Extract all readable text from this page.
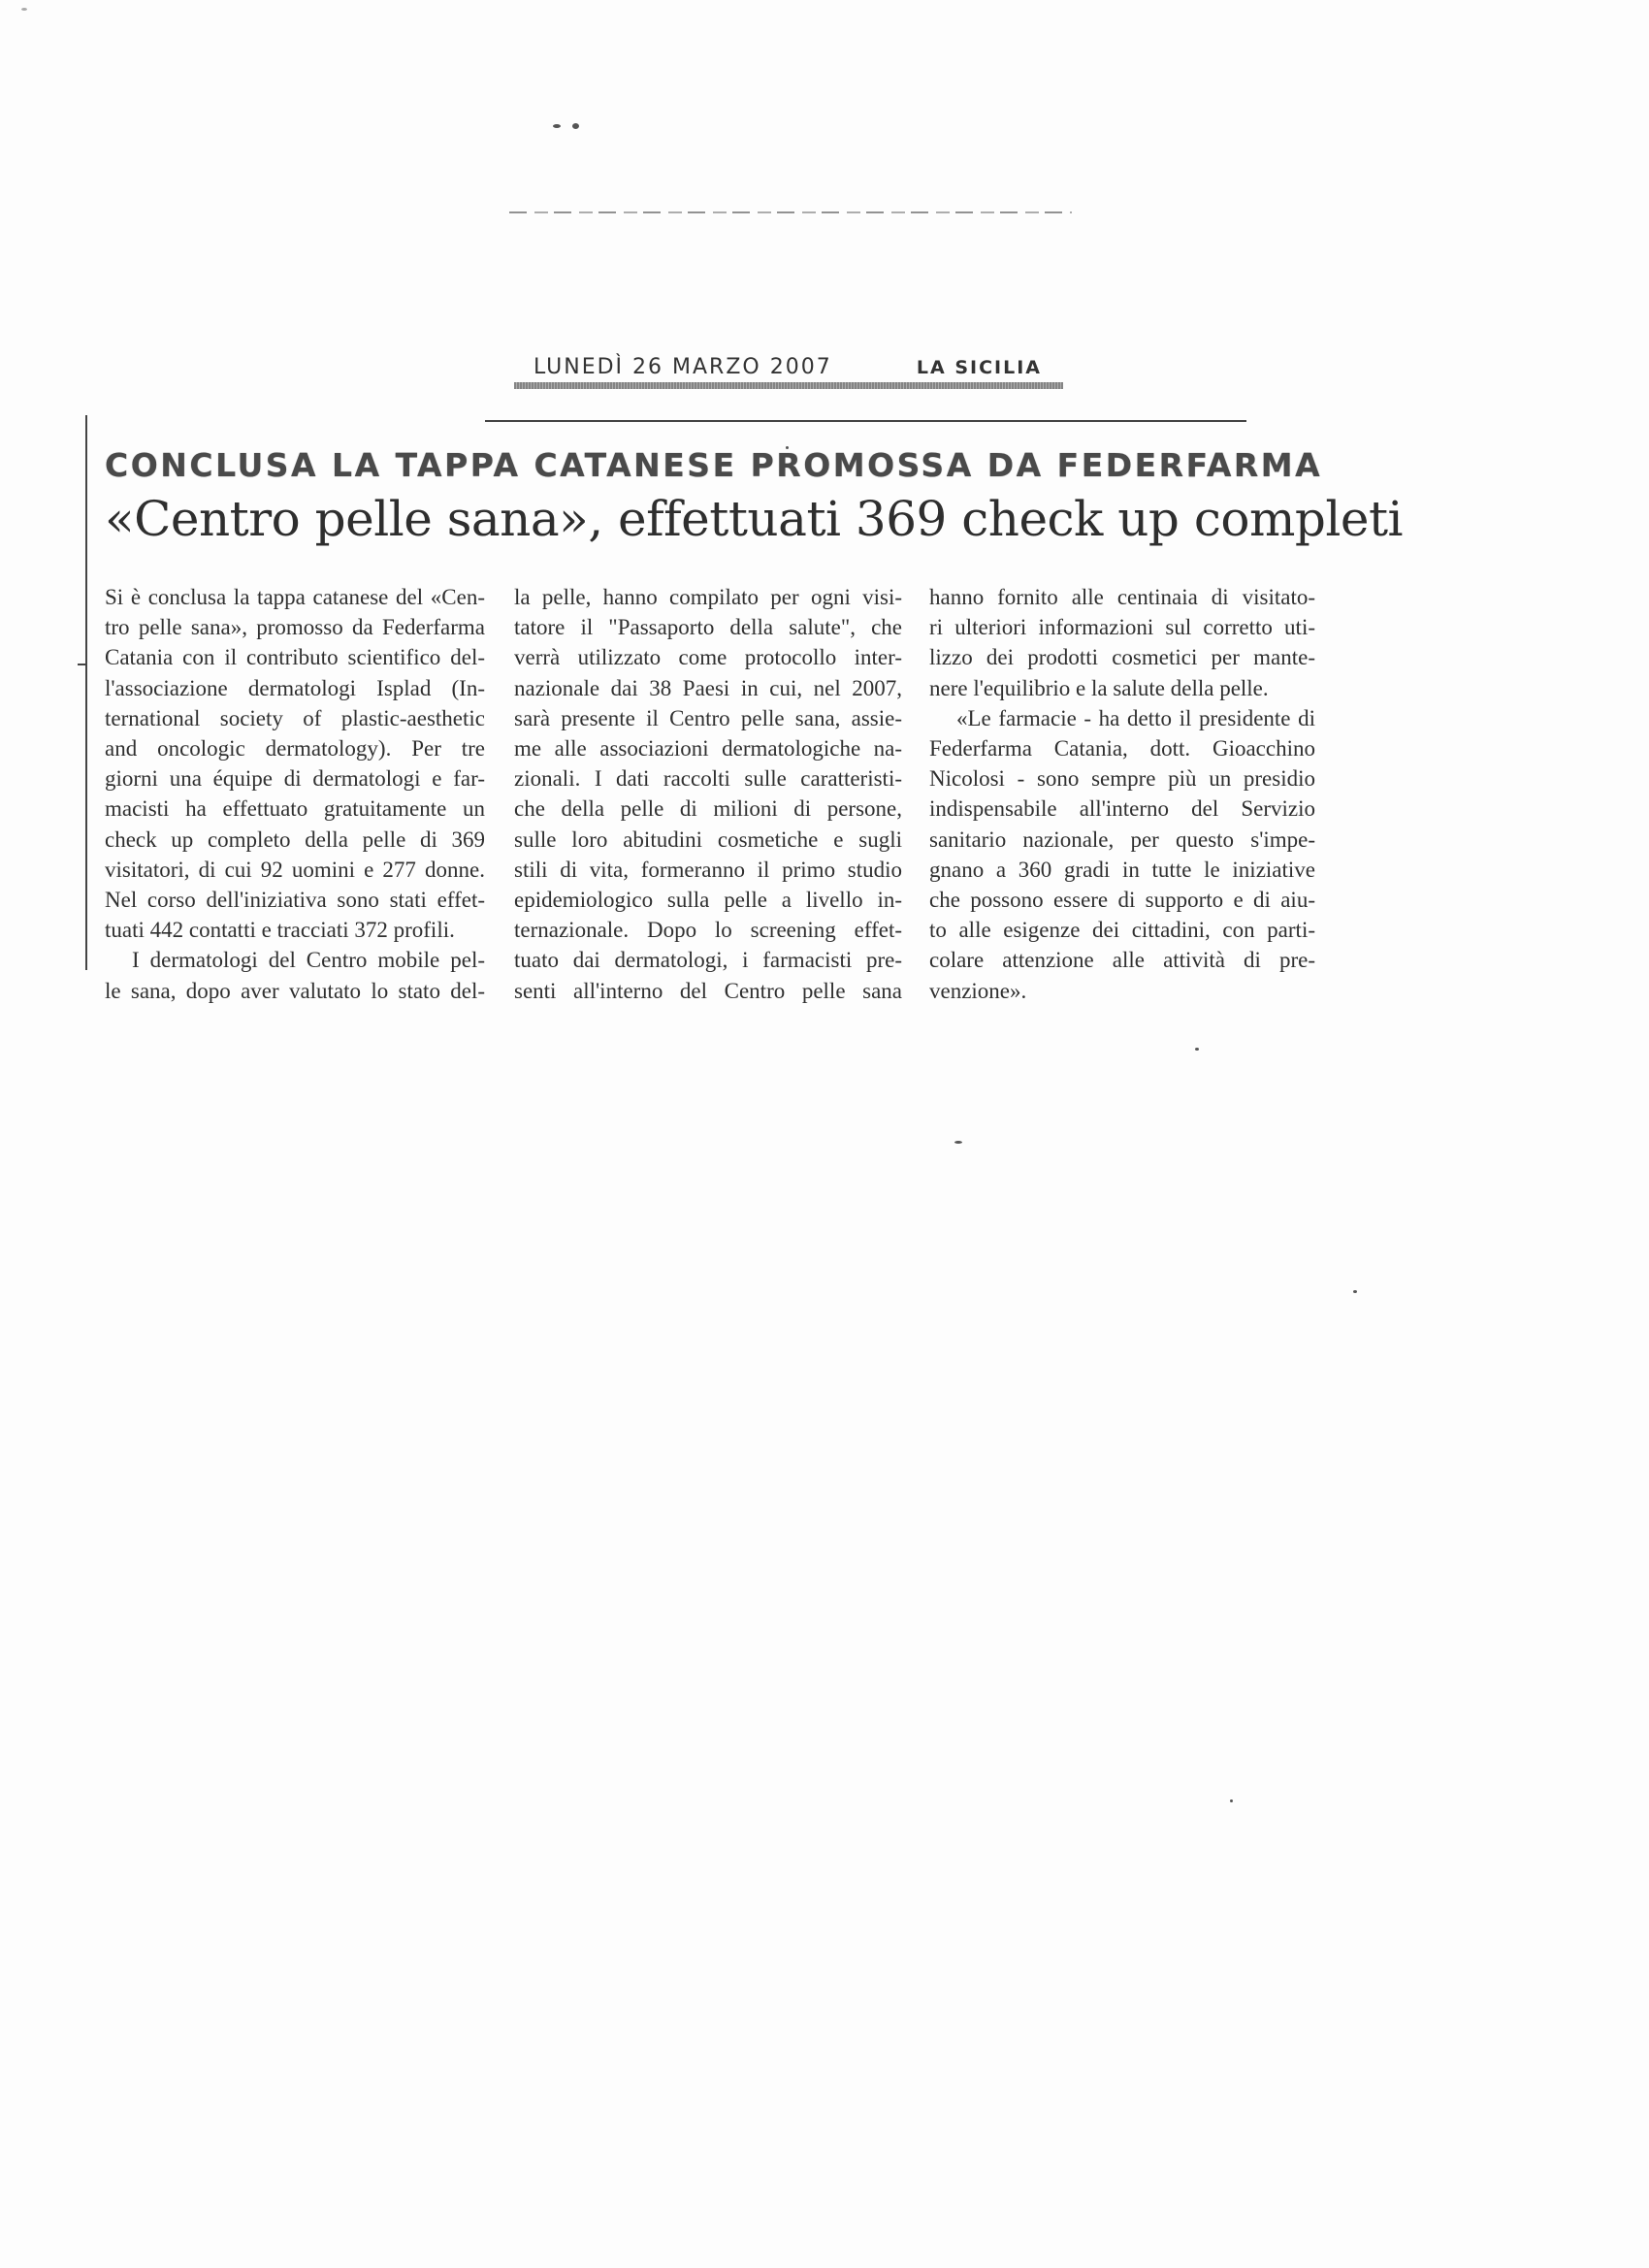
LUNEDÌ 26 MARZO 2007	LA SICILIA
CONCLUSA LA TAPPA CATANESE PROMOSSA DA FEDERFARMA
«Centro pelle sana», effettuati 369 check up completi
Si è conclusa la tappa catanese del «Cen-
tro pelle sana», promosso da Federfarma
Catania con il contributo scientifico del-
l'associazione dermatologi Isplad (In-
ternational society of plastic-aesthetic
and oncologic dermatology). Per tre
giorni una équipe di dermatologi e far-
macisti ha effettuato gratuitamente un
check up completo della pelle di 369
visitatori, di cui 92 uomini e 277 donne.
Nel corso dell'iniziativa sono stati effet-
tuati 442 contatti e tracciati 372 profili.
I dermatologi del Centro mobile pel-
le sana, dopo aver valutato lo stato del-
la pelle, hanno compilato per ogni visi-
tatore il "Passaporto della salute", che
verrà utilizzato come protocollo inter-
nazionale dai 38 Paesi in cui, nel 2007,
sarà presente il Centro pelle sana, assie-
me alle associazioni dermatologiche na-
zionali. I dati raccolti sulle caratteristi-
che della pelle di milioni di persone,
sulle loro abitudini cosmetiche e sugli
stili di vita, formeranno il primo studio
epidemiologico sulla pelle a livello in-
ternazionale. Dopo lo screening effet-
tuato dai dermatologi, i farmacisti pre-
senti all'interno del Centro pelle sana
hanno fornito alle centinaia di visitato-
ri ulteriori informazioni sul corretto uti-
lizzo dei prodotti cosmetici per mante-
nere l'equilibrio e la salute della pelle.
«Le farmacie - ha detto il presidente di
Federfarma Catania, dott. Gioacchino
Nicolosi - sono sempre più un presidio
indispensabile all'interno del Servizio
sanitario nazionale, per questo s'impe-
gnano a 360 gradi in tutte le iniziative
che possono essere di supporto e di aiu-
to alle esigenze dei cittadini, con parti-
colare attenzione alle attività di pre-
venzione».
